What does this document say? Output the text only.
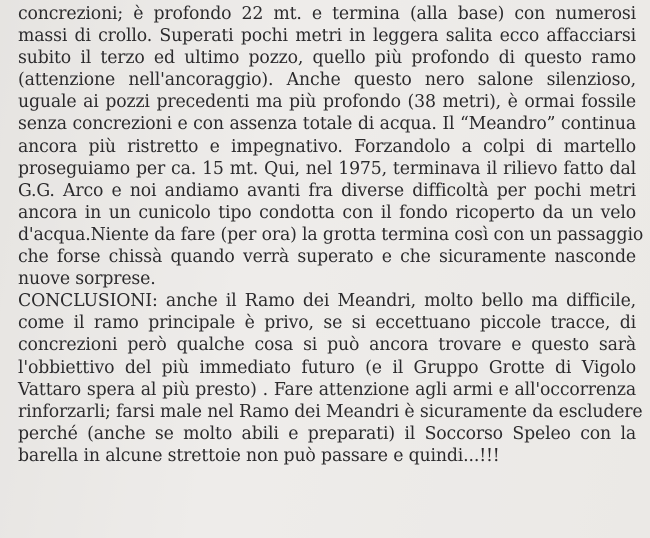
concrezioni; è profondo 22 mt. e termina (alla base) con numerosi
massi di crollo. Superati pochi metri in leggera salita ecco affacciarsi
subito il terzo ed ultimo pozzo, quello più profondo di questo ramo
(attenzione nell'ancoraggio). Anche questo nero salone silenzioso,
uguale ai pozzi precedenti ma più profondo (38 metri), è ormai fossile
senza concrezioni e con assenza totale di acqua. Il “Meandro” continua
ancora più ristretto e impegnativo. Forzandolo a colpi di martello
proseguiamo per ca. 15 mt. Qui, nel 1975, terminava il rilievo fatto dal
G.G. Arco e noi andiamo avanti fra diverse difficoltà per pochi metri
ancora in un cunicolo tipo condotta con il fondo ricoperto da un velo
d'acqua.Niente da fare (per ora) la grotta termina così con un passaggio
che forse chissà quando verrà superato e che sicuramente nasconde
nuove sorprese.
CONCLUSIONI: anche il Ramo dei Meandri, molto bello ma difficile,
come il ramo principale è privo, se si eccettuano piccole tracce, di
concrezioni però qualche cosa si può ancora trovare e questo sarà
l'obbiettivo del più immediato futuro (e il Gruppo Grotte di Vigolo
Vattaro spera al più presto) . Fare attenzione agli armi e all'occorrenza
rinforzarli; farsi male nel Ramo dei Meandri è sicuramente da escludere
perché (anche se molto abili e preparati) il Soccorso Speleo con la
barella in alcune strettoie non può passare e quindi...!!!
